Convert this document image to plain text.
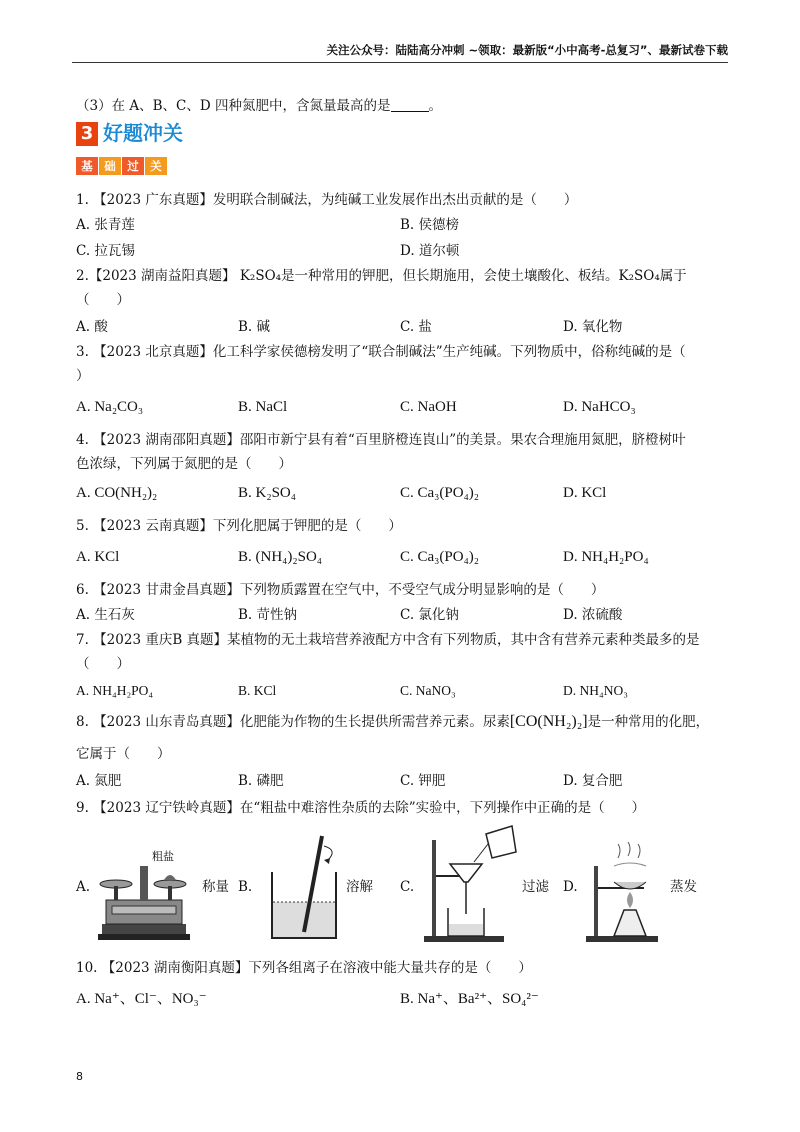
关注公众号：陆陆高分冲刺 ~领取：最新版“小中高考-总复习”、最新试卷下载
（3）在 A、B、C、D 四种氮肥中，含氮量最高的是	。
3 好题冲关
基	础	过	关
1. 【2023 广东真题】发明联合制碱法，为纯碱工业发展作出杰出贡献的是（　　）
A. 张青莲	B. 侯德榜
C. 拉瓦锡	D. 道尔顿
2.【2023 湖南益阳真题】 K₂SO₄是一种常用的钾肥，但长期施用，会使土壤酸化、板结。K₂SO₄属于
（　　）
A. 酸	B. 碱	C. 盐	D. 氧化物
3. 【2023 北京真题】化工科学家侯德榜发明了“联合制碱法”生产纯碱。下列物质中，俗称纯碱的是（
）
A. Na₂CO₃	B. NaCl	C. NaOH	D. NaHCO₃
4. 【2023 湖南邵阳真题】邵阳市新宁县有着“百里脐橙连崀山”的美景。果农合理施用氮肥，脐橙树叶
色浓绿，下列属于氮肥的是（　　）
A. CO(NH₂)₂	B. K₂SO₄	C. Ca₃(PO₄)₂	D. KCl
5. 【2023 云南真题】下列化肥属于钾肥的是（　　）
A. KCl	B. (NH₄)₂SO₄	C. Ca₃(PO₄)₂	D. NH₄H₂PO₄
6. 【2023 甘肃金昌真题】下列物质露置在空气中，不受空气成分明显影响的是（　　）
A. 生石灰	B. 苛性钠	C. 氯化钠	D. 浓硫酸
7. 【2023 重庆B 真题】某植物的无土栽培营养液配方中含有下列物质，其中含有营养元素种类最多的是
（　　）
A. NH₄H₂PO₄	B. KCl	C. NaNO₃	D. NH₄NO₃
8. 【2023 山东青岛真题】化肥能为作物的生长提供所需营养元素。尿素[CO(NH₂)₂]是一种常用的化肥，
它属于（　　）
A. 氮肥	B. 磷肥	C. 钾肥	D. 复合肥
9. 【2023 辽宁铁岭真题】在“粗盐中难溶性杂质的去除”实验中，下列操作中正确的是（　　）
A.
粗盐
称量 B.	溶解 C.	过滤 D.	蒸发
10. 【2023 湖南衡阳真题】下列各组离子在溶液中能大量共存的是（　　）
A. Na⁺、Cl⁻、NO₃⁻	B. Na⁺、Ba²⁺、SO₄²⁻
8
